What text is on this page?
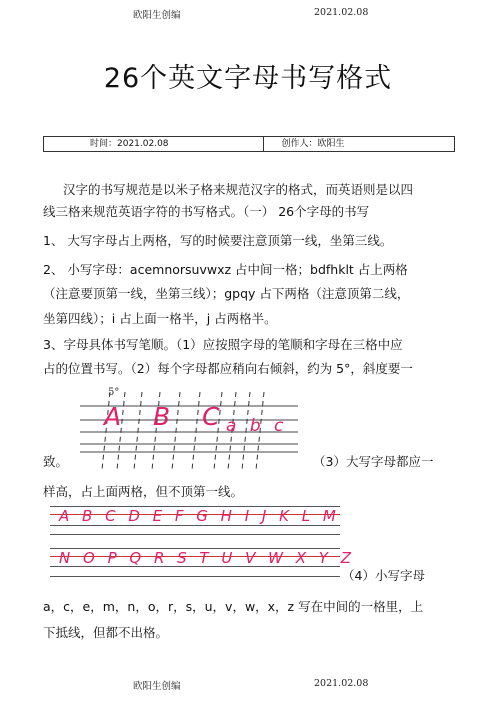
欧阳生创编	2021.02.08
26个英文字母书写格式
时间：2021.02.08	创作人：欧阳生
汉字的书写规范是以米子格来规范汉字的格式，而英语则是以四
线三格来规范英语字符的书写格式。（一） 26个字母的书写
1、 大写字母占上两格，写的时候要注意顶第一线，坐第三线。
2、 小写字母：acemnorsuvwxz 占中间一格；bdfhklt 占上两格
（注意要顶第一线，坐第三线）；gpqy 占下两格（注意顶第二线，
坐第四线）；i 占上面一格半，j 占两格半。
3、字母具体书写笔顺。（1）应按照字母的笔顺和字母在三格中应
占的位置书写。（2）每个字母都应稍向右倾斜，约为 5°，斜度要一
5°
A B C
a b c
致。	（3）大写字母都应一
样高，占上面两格，但不顶第一线。
A B C D E F G H I J K L M
N O P Q R S T U V W X Y Z
（4）小写字母
a，c，e，m，n，o，r，s，u，v，w，x，z 写在中间的一格里，上
下抵线，但都不出格。
欧阳生创编	2021.02.08
